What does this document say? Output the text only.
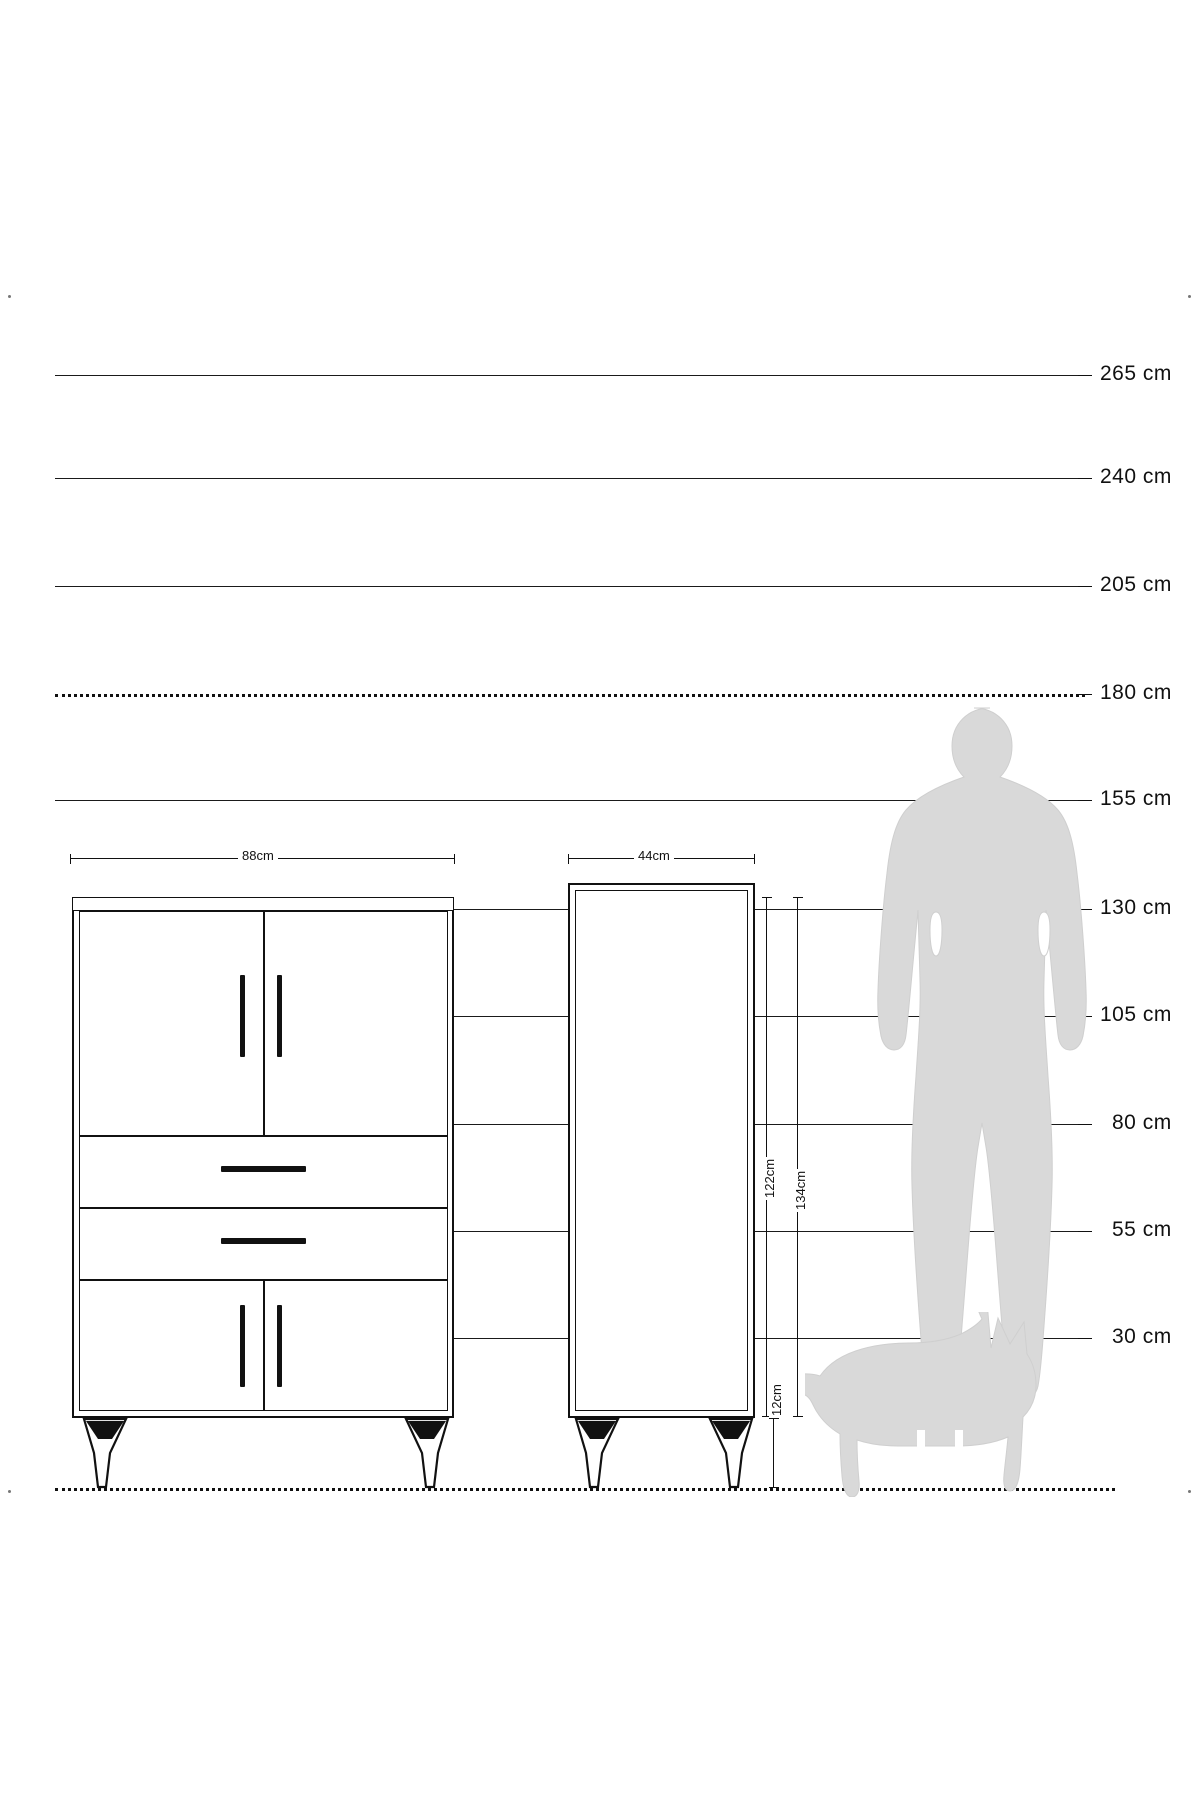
265 cm
240 cm
205 cm
180 cm
155 cm
130 cm
105 cm
80 cm
55 cm
30 cm
88cm	44cm
122cm 134cm
12cm
